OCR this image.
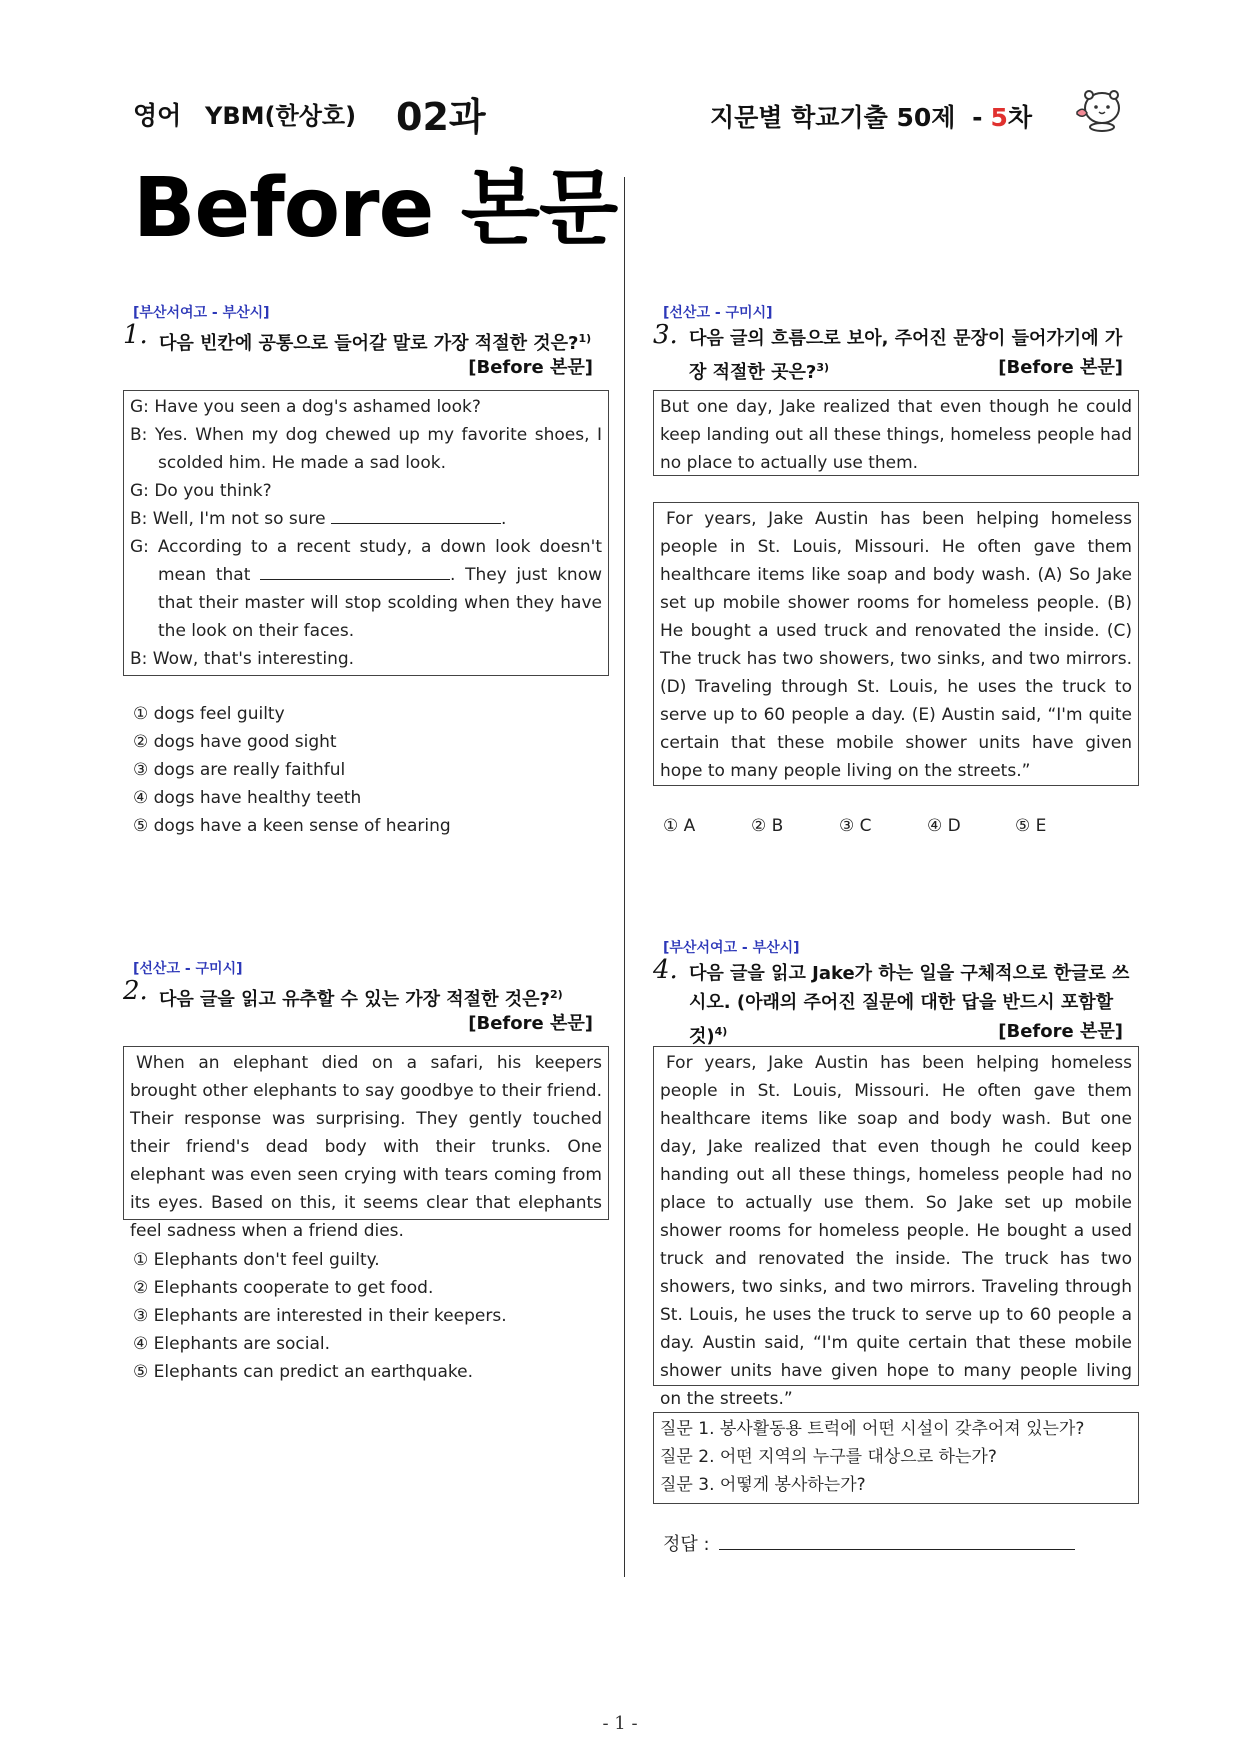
영어 YBM(한상호) 02과	지문별 학교기출 50제 - 5차
Before 본문
[부산서여고 - 부산시]
1. 다음 빈칸에 공통으로 들어갈 말로 가장 적절한 것은?$^{1)}$
[Before 본문]

G: Have you seen a dog's ashamed look?

B: Yes. When my dog chewed up my favorite shoes, I scolded him. He made a sad look.

G: Do you think?

B: Well, I'm not so sure	.

G: According to a recent study, a down look doesn't mean that	. They just know that their master will stop scolding when they have the look on their faces.

B: Wow, that's interesting.

① dogs feel guilty
② dogs have good sight
③ dogs are really faithful
④ dogs have healthy teeth
⑤ dogs have a keen sense of hearing
[선산고 - 구미시]
2. 다음 글을 읽고 유추할 수 있는 가장 적절한 것은?$^{2)}$
[Before 본문]

When an elephant died on a safari, his keepers brought other elephants to say goodbye to their friend. Their response was surprising. They gently touched their friend's dead body with their trunks. One elephant was even seen crying with tears coming from its eyes. Based on this, it seems clear that elephants feel sadness when a friend dies.

① Elephants don't feel guilty.
② Elephants cooperate to get food.
③ Elephants are interested in their keepers.
④ Elephants are social.
⑤ Elephants can predict an earthquake.
[선산고 - 구미시]
3. 다음 글의 흐름으로 보아, 주어진 문장이 들어가기에 가
장 적절한 곳은?$^{3)}$	[Before 본문]

But one day, Jake realized that even though he could keep landing out all these things, homeless people had no place to actually use them.

For years, Jake Austin has been helping homeless people in St. Louis, Missouri. He often gave them healthcare items like soap and body wash. (A) So Jake set up mobile shower rooms for homeless people. (B) He bought a used truck and renovated the inside. (C) The truck has two showers, two sinks, and two mirrors. (D) Traveling through St. Louis, he uses the truck to serve up to 60 people a day. (E) Austin said, “I'm quite certain that these mobile shower units have given hope to many people living on the streets.”

① A	② B	③ C	④ D	⑤ E
[부산서여고 - 부산시]
4. 다음 글을 읽고 Jake가 하는 일을 구체적으로 한글로 쓰
시오. (아래의 주어진 질문에 대한 답을 반드시 포함할
것)$^{4)}$	[Before 본문]

For years, Jake Austin has been helping homeless people in St. Louis, Missouri. He often gave them healthcare items like soap and body wash. But one day, Jake realized that even though he could keep handing out all these things, homeless people had no place to actually use them. So Jake set up mobile shower rooms for homeless people. He bought a used truck and renovated the inside. The truck has two showers, two sinks, and two mirrors. Traveling through St. Louis, he uses the truck to serve up to 60 people a day. Austin said, “I'm quite certain that these mobile shower units have given hope to many people living on the streets.”

질문 1. 봉사활동용 트럭에 어떤 시설이 갖추어져 있는가?

질문 2. 어떤 지역의 누구를 대상으로 하는가?

질문 3. 어떻게 봉사하는가?

정답 :
- 1 -
